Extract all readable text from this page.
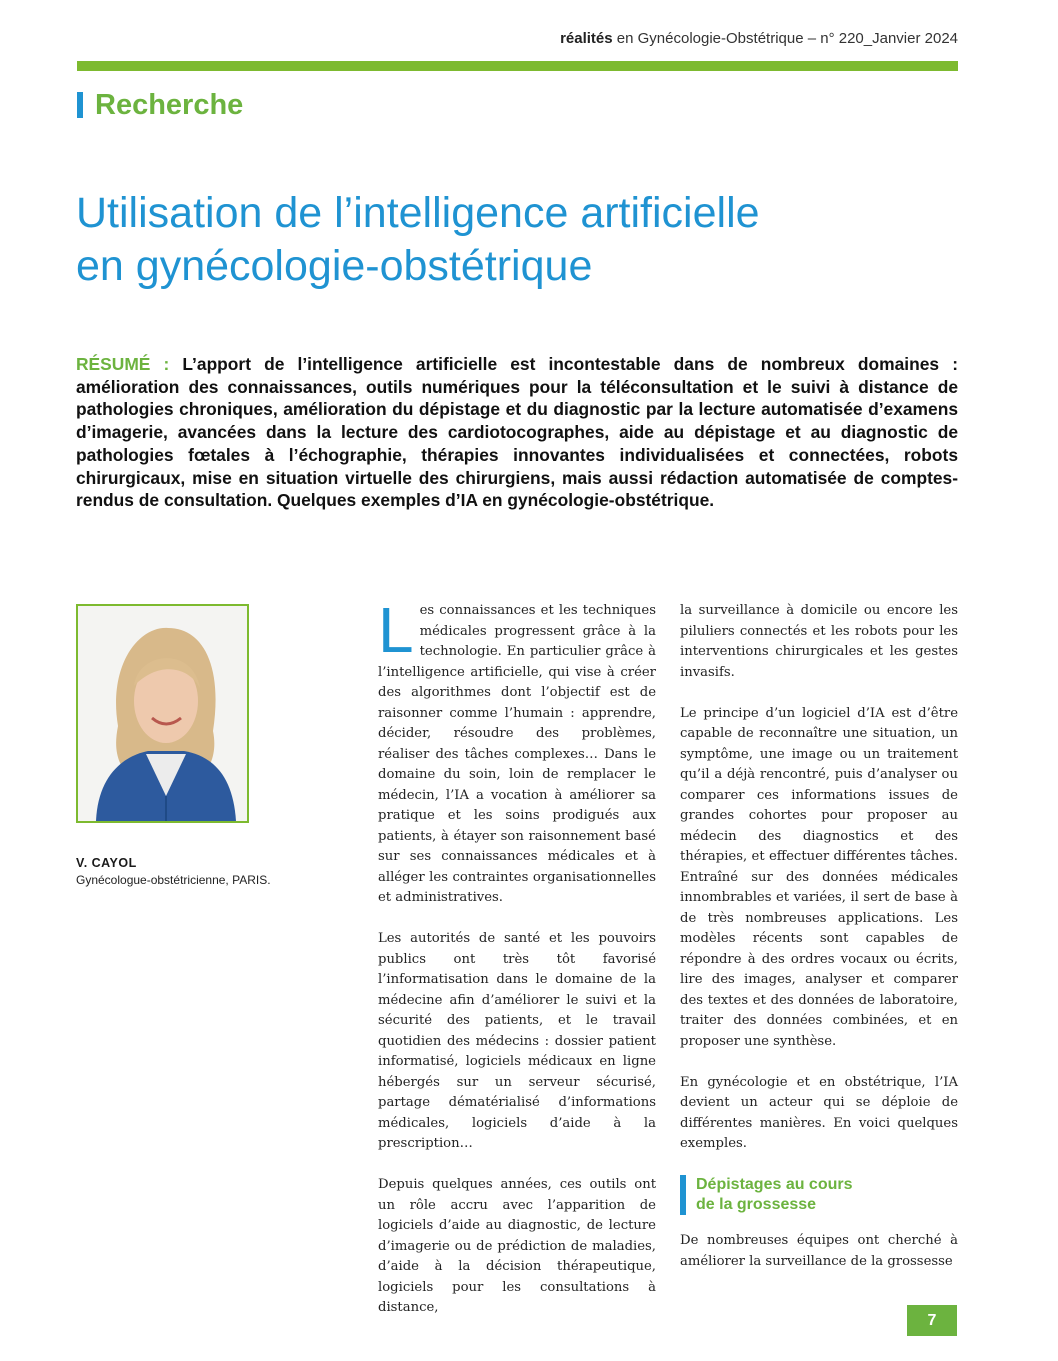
réalités en Gynécologie-Obstétrique – n° 220_Janvier 2024
Recherche
Utilisation de l’intelligence artificielle
en gynécologie-obstétrique
RÉSUMÉ : L’apport de l’intelligence artificielle est incontestable dans de nombreux domaines : amélioration des connaissances, outils numériques pour la téléconsultation et le suivi à distance de pathologies chroniques, amélioration du dépistage et du diagnostic par la lecture automatisée d’examens d’imagerie, avancées dans la lecture des cardiotocographes, aide au dépistage et au diagnostic de pathologies fœtales à l’échographie, thérapies innovantes individualisées et connectées, robots chirurgicaux, mise en situation virtuelle des chirurgiens, mais aussi rédaction automatisée de comptes-rendus de consultation. Quelques exemples d’IA en gynécologie-obstétrique.
V. CAYOL
Gynécologue-obstétricienne, PARIS.

Les connaissances et les techniques médicales progressent grâce à la technologie. En particulier grâce à l’intelligence artificielle, qui vise à créer des algorithmes dont l’objectif est de raisonner comme l’humain : apprendre, décider, résoudre des problèmes, réaliser des tâches complexes… Dans le domaine du soin, loin de remplacer le médecin, l’IA a vocation à améliorer sa pratique et les soins prodigués aux patients, à étayer son raisonnement basé sur ses connaissances médicales et à alléger les contraintes organisationnelles et administratives.

Les autorités de santé et les pouvoirs publics ont très tôt favorisé l’informatisation dans le domaine de la médecine afin d’améliorer le suivi et la sécurité des patients, et le travail quotidien des médecins : dossier patient informatisé, logiciels médicaux en ligne hébergés sur un serveur sécurisé, partage dématérialisé d’informations médicales, logiciels d’aide à la prescription…

Depuis quelques années, ces outils ont un rôle accru avec l’apparition de logiciels d’aide au diagnostic, de lecture d’imagerie ou de prédiction de maladies, d’aide à la décision thérapeutique, logiciels pour les consultations à distance,

la surveillance à domicile ou encore les piluliers connectés et les robots pour les interventions chirurgicales et les gestes invasifs.

Le principe d’un logiciel d’IA est d’être capable de reconnaître une situation, un symptôme, une image ou un traitement qu’il a déjà rencontré, puis d’analyser ou comparer ces informations issues de grandes cohortes pour proposer au médecin des diagnostics et des thérapies, et effectuer différentes tâches. Entraîné sur des données médicales innombrables et variées, il sert de base à de très nombreuses applications. Les modèles récents sont capables de répondre à des ordres vocaux ou écrits, lire des images, analyser et comparer des textes et des données de laboratoire, traiter des données combinées, et en proposer une synthèse.

En gynécologie et en obstétrique, l’IA devient un acteur qui se déploie de différentes manières. En voici quelques exemples.

Dépistages au cours
de la grossesse

De nombreuses équipes ont cherché à améliorer la surveillance de la grossesse

7
